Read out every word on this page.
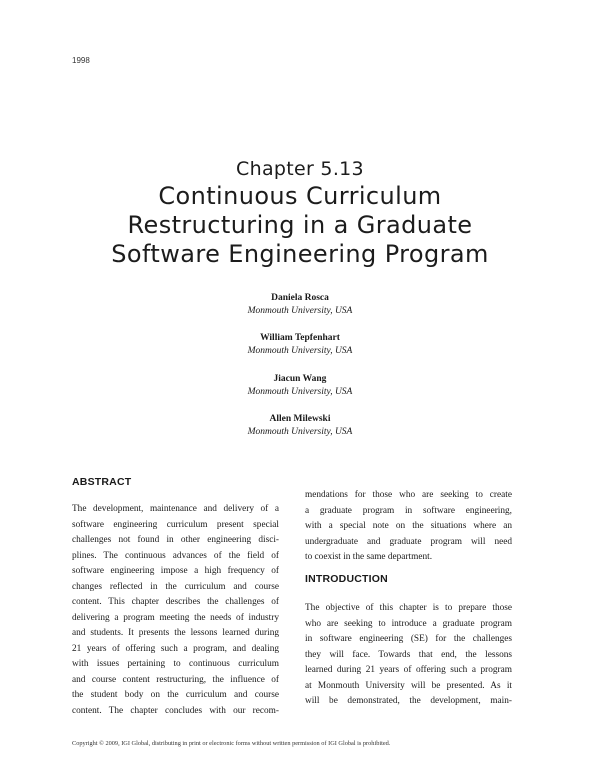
1998
Chapter 5.13
Continuous Curriculum
Restructuring in a Graduate
Software Engineering Program
Daniela Rosca
Monmouth University, USA
William Tepfenhart
Monmouth University, USA
Jiacun Wang
Monmouth University, USA
Allen Milewski
Monmouth University, USA
ABSTRACT
The development, maintenance and delivery of a
software engineering curriculum present special
challenges not found in other engineering disci-
plines. The continuous advances of the field of
software engineering impose a high frequency of
changes reflected in the curriculum and course
content. This chapter describes the challenges of
delivering a program meeting the needs of industry
and students. It presents the lessons learned during
21 years of offering such a program, and dealing
with issues pertaining to continuous curriculum
and course content restructuring, the influence of
the student body on the curriculum and course
content. The chapter concludes with our recom-
mendations for those who are seeking to create
a graduate program in software engineering,
with a special note on the situations where an
undergraduate and graduate program will need
to coexist in the same department.
INTRODUCTION
The objective of this chapter is to prepare those
who are seeking to introduce a graduate program
in software engineering (SE) for the challenges
they will face. Towards that end, the lessons
learned during 21 years of offering such a program
at Monmouth University will be presented. As it
will be demonstrated, the development, main-
Copyright © 2009, IGI Global, distributing in print or electronic forms without written permission of IGI Global is prohibited.
